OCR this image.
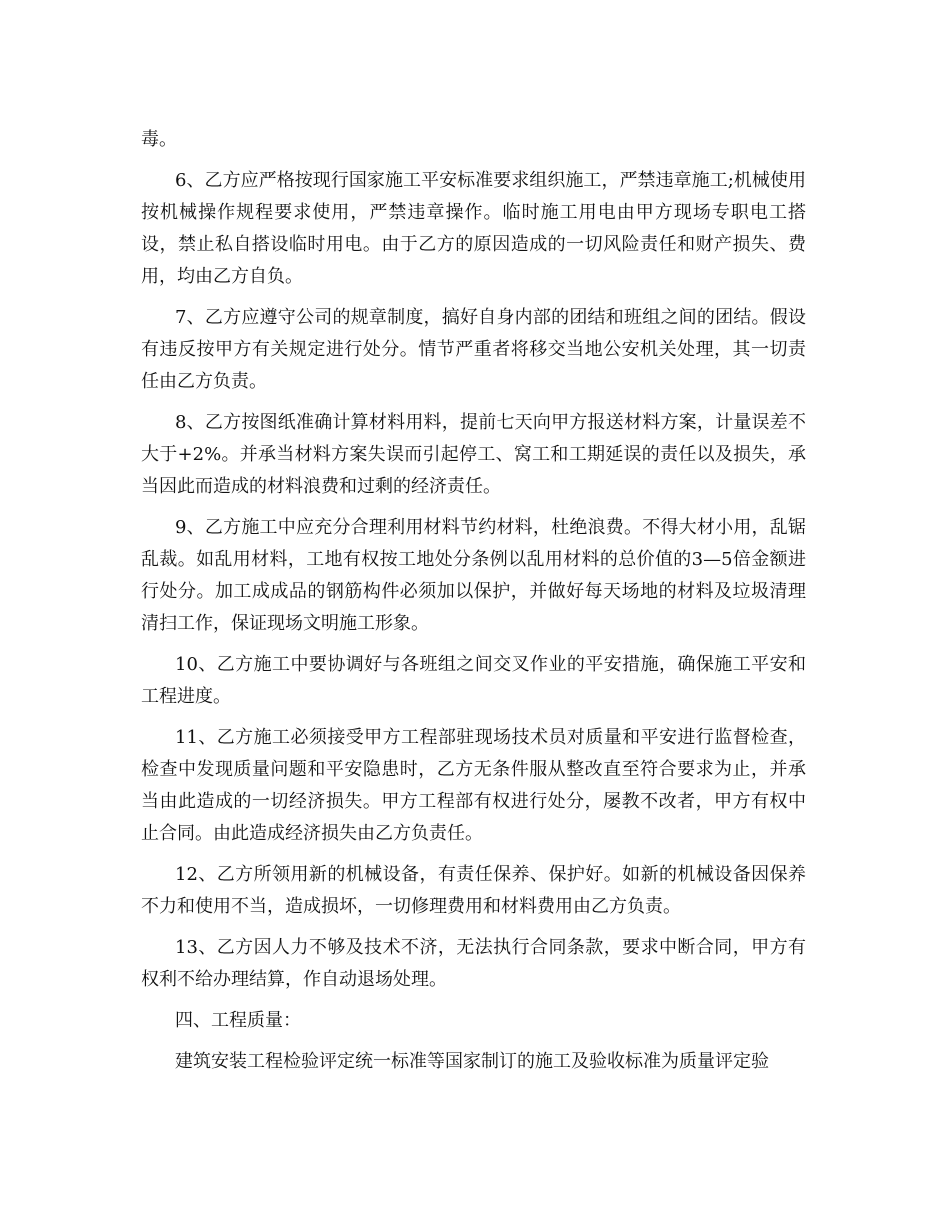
毒。

6、乙方应严格按现行国家施工平安标准要求组织施工，严禁违章施工;机械使用按机械操作规程要求使用，严禁违章操作。临时施工用电由甲方现场专职电工搭设，禁止私自搭设临时用电。由于乙方的原因造成的一切风险责任和财产损失、费用，均由乙方自负。

7、乙方应遵守公司的规章制度，搞好自身内部的团结和班组之间的团结。假设有违反按甲方有关规定进行处分。情节严重者将移交当地公安机关处理，其一切责任由乙方负责。

8、乙方按图纸准确计算材料用料，提前七天向甲方报送材料方案，计量误差不大于+2%。并承当材料方案失误而引起停工、窝工和工期延误的责任以及损失，承当因此而造成的材料浪费和过剩的经济责任。

9、乙方施工中应充分合理利用材料节约材料，杜绝浪费。不得大材小用，乱锯乱裁。如乱用材料，工地有权按工地处分条例以乱用材料的总价值的3—5倍金额进行处分。加工成成品的钢筋构件必须加以保护，并做好每天场地的材料及垃圾清理清扫工作，保证现场文明施工形象。

10、乙方施工中要协调好与各班组之间交叉作业的平安措施，确保施工平安和工程进度。

11、乙方施工必须接受甲方工程部驻现场技术员对质量和平安进行监督检查，检查中发现质量问题和平安隐患时，乙方无条件服从整改直至符合要求为止，并承当由此造成的一切经济损失。甲方工程部有权进行处分，屡教不改者，甲方有权中止合同。由此造成经济损失由乙方负责任。

12、乙方所领用新的机械设备，有责任保养、保护好。如新的机械设备因保养不力和使用不当，造成损坏，一切修理费用和材料费用由乙方负责。

13、乙方因人力不够及技术不济，无法执行合同条款，要求中断合同，甲方有权利不给办理结算，作自动退场处理。

四、工程质量：

建筑安装工程检验评定统一标准等国家制订的施工及验收标准为质量评定验
